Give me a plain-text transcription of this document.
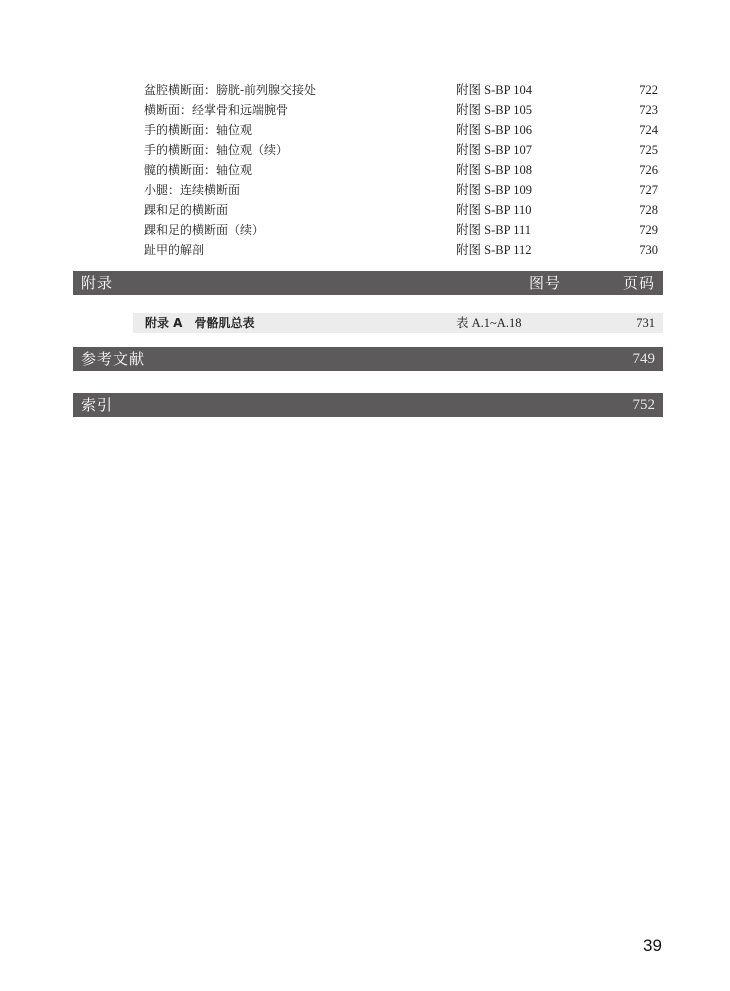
盆腔横断面：膀胱-前列腺交接处	附图 S-BP 104	722
横断面：经掌骨和远端腕骨	附图 S-BP 105	723
手的横断面：轴位观	附图 S-BP 106	724
手的横断面：轴位观（续）	附图 S-BP 107	725
髋的横断面：轴位观	附图 S-BP 108	726
小腿：连续横断面	附图 S-BP 109	727
踝和足的横断面	附图 S-BP 110	728
踝和足的横断面（续）	附图 S-BP 111	729
趾甲的解剖	附图 S-BP 112	730
附录	图号	页码
附录 A　骨骼肌总表	表 A.1~A.18	731
参考文献	749
索引	752
39
